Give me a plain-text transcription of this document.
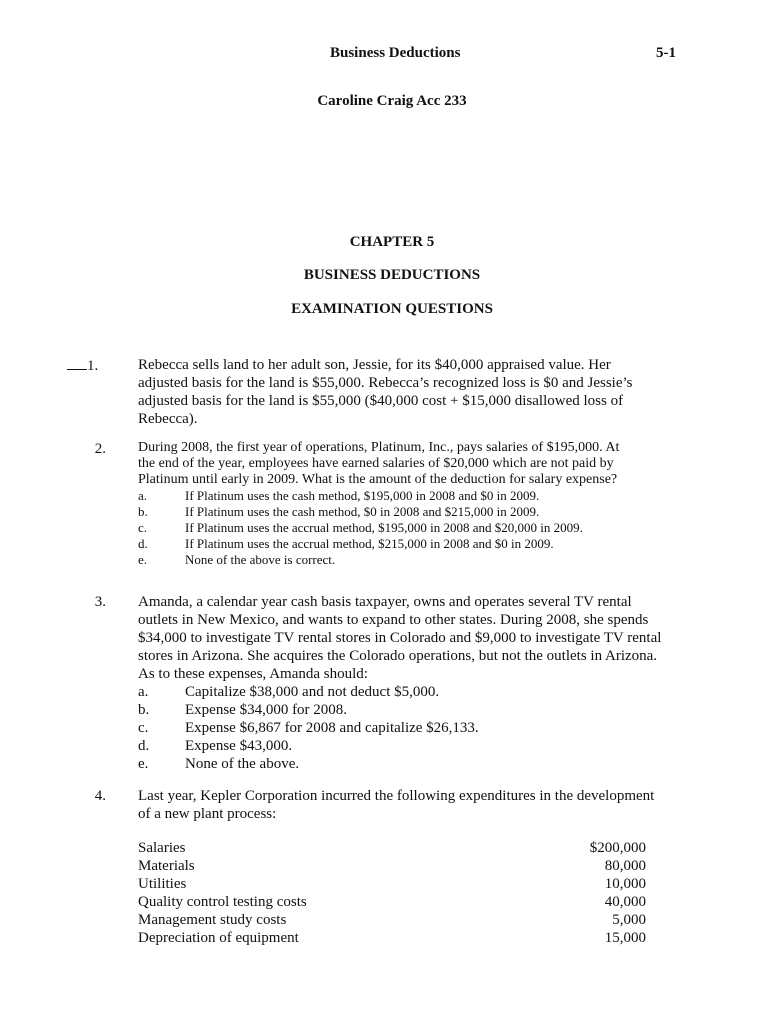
Business Deductions	5-1
Caroline Craig Acc 233
CHAPTER 5
BUSINESS DEDUCTIONS
EXAMINATION QUESTIONS
1.	Rebecca sells land to her adult son, Jessie, for its $40,000 appraised value. Her
adjusted basis for the land is $55,000. Rebecca’s recognized loss is $0 and Jessie’s
adjusted basis for the land is $55,000 ($40,000 cost + $15,000 disallowed loss of
Rebecca).
2. During 2008, the first year of operations, Platinum, Inc., pays salaries of $195,000. At
the end of the year, employees have earned salaries of $20,000 which are not paid by
Platinum until early in 2009. What is the amount of the deduction for salary expense?
a.	If Platinum uses the cash method, $195,000 in 2008 and $0 in 2009.
b.	If Platinum uses the cash method, $0 in 2008 and $215,000 in 2009.
c.	If Platinum uses the accrual method, $195,000 in 2008 and $20,000 in 2009.
d.	If Platinum uses the accrual method, $215,000 in 2008 and $0 in 2009.
e.	None of the above is correct.
3. Amanda, a calendar year cash basis taxpayer, owns and operates several TV rental
outlets in New Mexico, and wants to expand to other states. During 2008, she spends
$34,000 to investigate TV rental stores in Colorado and $9,000 to investigate TV rental
stores in Arizona. She acquires the Colorado operations, but not the outlets in Arizona.
As to these expenses, Amanda should:
a. Capitalize $38,000 and not deduct $5,000.
b. Expense $34,000 for 2008.
c. Expense $6,867 for 2008 and capitalize $26,133.
d. Expense $43,000.
e. None of the above.
4. Last year, Kepler Corporation incurred the following expenditures in the development
of a new plant process:
Salaries	$200,000
Materials	80,000
Utilities	10,000
Quality control testing costs	40,000
Management study costs	5,000
Depreciation of equipment	15,000
